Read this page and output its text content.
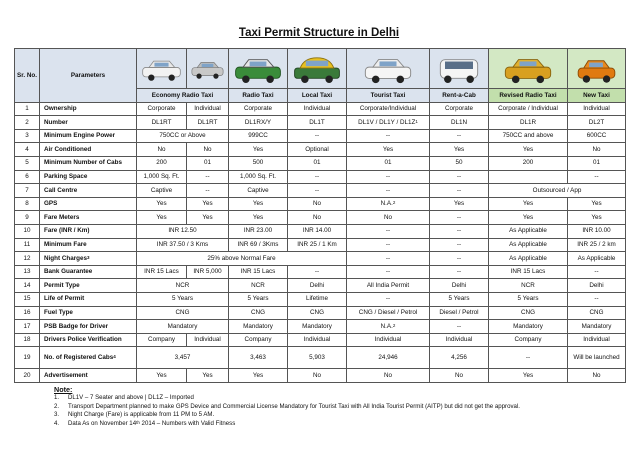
Taxi Permit Structure in Delhi
Sr. No.	Parameters	

		Economy Radio Taxi		Radio Taxi	Local Taxi	Tourist Taxi	Rent-a-Cab	Revised Radio Taxi	New Taxi
1	Ownership	Corporate	Individual	Corporate	Individual	Corporate/Individual	Corporate	Corporate / Individual	Individual
2	Number	DL1RT	DL1RT	DL1RX/Y	DL1T	$DL1V / DL1Y / DL1Z^1$	DL1N	DL1R	DL2T
3	Minimum Engine Power	750CC or Above		999CC	--	--	--	750CC and above	600CC
4	Air Conditioned	No	No	Yes	Optional	Yes	Yes	Yes	No
5	Minimum Number of Cabs	200	01	500	01	01	50	200	01
6	Parking Space	1,000 Sq. Ft.	--	1,000 Sq. Ft.	--	--	--		--
7	Call Centre	Captive	--	Captive	--	--	--	Outsourced / App	
8	GPS	Yes	Yes	Yes	No	N.A.$^2$	Yes	Yes	Yes
9	Fare Meters	Yes	Yes	Yes	No	No	--	Yes	Yes
10	Fare (INR / Km)	INR 12.50		INR 23.00	INR 14.00	--	--	As Applicable	INR 10.00
11	Minimum Fare	INR 37.50 / 3 Kms		INR 69 / 3Kms	INR 25 / 1 Km	--	--	As Applicable	INR 25 / 2 km
12	Night Charges$^3$	25% above Normal Fare				--	--	As Applicable	As Applicable
13	Bank Guarantee	INR 15 Lacs	INR 5,000	INR 15 Lacs	--	--	--	INR 15 Lacs	--
14	Permit Type	NCR		NCR	Delhi	All India Permit	Delhi	NCR	Delhi
15	Life of Permit	5 Years		5 Years	Lifetime	--	5 Years	5 Years	--
16	Fuel Type	CNG		CNG	CNG	CNG / Diesel / Petrol	Diesel / Petrol	CNG	CNG
17	PSB Badge for Driver	Mandatory		Mandatory	Mandatory	N.A.$^2$	--	Mandatory	Mandatory
18	Drivers Police Verification	Company	Individual	Company	Individual	Individual	Individual	Company	Individual
19	No. of Registered Cabs$^4$	3,457		3,463	5,903	24,946	4,256	--	Will be launched
20	Advertisement	Yes	Yes	Yes	No	No	No	Yes	No
Note:
1.	DL1V – 7 Seater and above | DL1Z – Imported
2.	Transport Department planned to make GPS Device and Commercial License Mandatory for Tourist Taxi with All India Tourist Permit (AITP) but did not get the approval.
3.	Night Charge (Fare) is applicable from 11 PM to 5 AM.
4.	Data As on November 14th 2014 – Numbers with Valid Fitness
